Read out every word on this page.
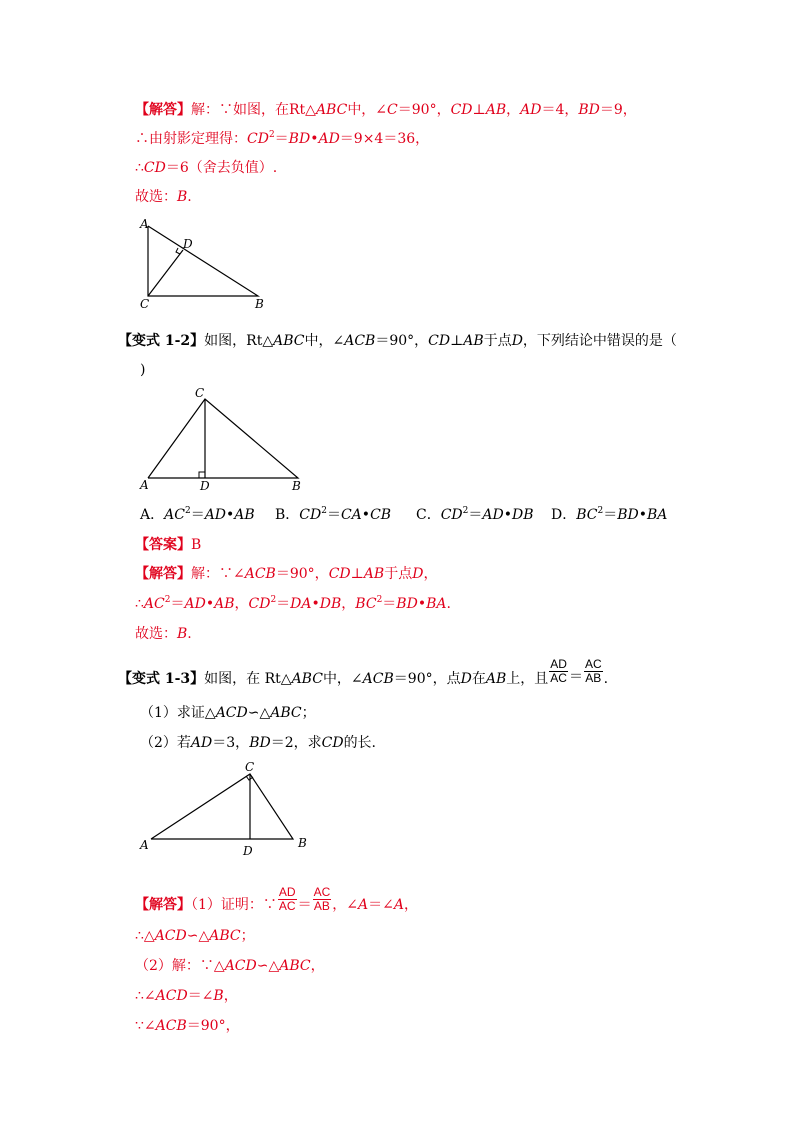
【解答】解：∵如图，在Rt△ABC中，∠C＝90°，CD⊥AB，AD＝4，BD＝9，
∴由射影定理得：$CD^2=BD•AD=9\times 4=36$，
∴CD＝6（舍去负值）.
故选：B.
A
D
C	B
【变式 1-2】如图，Rt△ABC中，∠ACB＝90°，CD⊥AB于点D，下列结论中错误的是（
)
C
A	D	B
A．$AC^2=AD•AB$ B．$CD^2=CA•CB$ C．$CD^2=AD•DB$ D．$BC^2=BD•BA$
【答案】B
【解答】解：∵∠ACB＝90°，CD⊥AB于点D，
$\therefore AC^2=AD•AB$，$CD^2=DA•DB$，$BC^2=BD•BA$.
故选：B.
【变式 1-3】如图，在 Rt△ABC中，∠ACB＝90°，点D在AB上，且 $\frac{AD}{AC} = \frac{AC}{AB}$ .
（1）求证△ACD∽△ABC；
（2）若AD＝3，BD＝2，求CD的长.
C
A	D
B
【解答】（1）证明：∵ $\frac{AD}{AC} = \frac{AC}{AB}$ ，∠A＝∠A，
∴△ACD∽△ABC；
（2）解：∵△ACD∽△ABC，
∴∠ACD＝∠B，
∵∠ACB＝90°，
